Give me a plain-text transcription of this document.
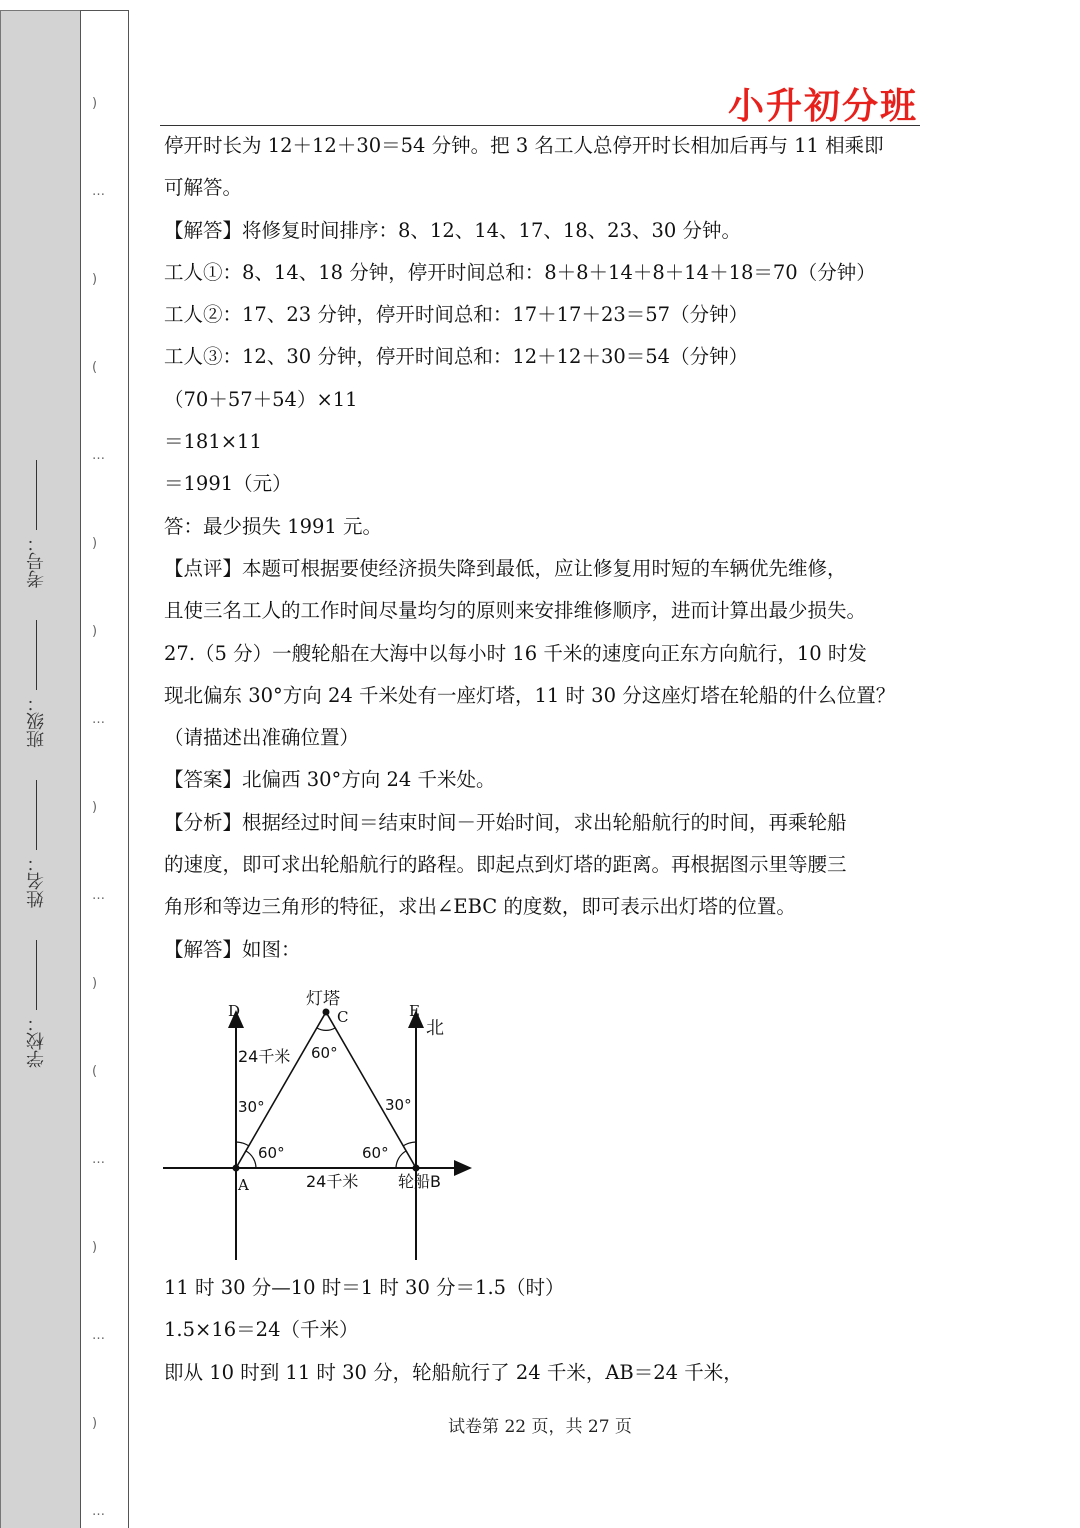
)
…
)
(
…
)
)
…
)
…
)
(
…
)
…
)
…
考号：
班级：
姓名：
学校：
小升初分班
停开时长为 12＋12＋30＝54 分钟。把 3 名工人总停开时长相加后再与 11 相乘即
可解答。
【解答】将修复时间排序：8、12、14、17、18、23、30 分钟。
工人①：8、14、18 分钟，停开时间总和：8＋8＋14＋8＋14＋18＝70（分钟）
工人②：17、23 分钟，停开时间总和：17＋17＋23＝57（分钟）
工人③：12、30 分钟，停开时间总和：12＋12＋30＝54（分钟）
（70＋57＋54）×11
＝181×11
＝1991（元）
答：最少损失 1991 元。
【点评】本题可根据要使经济损失降到最低，应让修复用时短的车辆优先维修，
且使三名工人的工作时间尽量均匀的原则来安排维修顺序，进而计算出最少损失。
27.（5 分）一艘轮船在大海中以每小时 16 千米的速度向正东方向航行，10 时发
现北偏东 30°方向 24 千米处有一座灯塔，11 时 30 分这座灯塔在轮船的什么位置？
（请描述出准确位置）
【答案】北偏西 30°方向 24 千米处。
【分析】根据经过时间＝结束时间－开始时间，求出轮船航行的时间，再乘轮船
的速度，即可求出轮船航行的路程。即起点到灯塔的距离。再根据图示里等腰三
角形和等边三角形的特征，求出∠EBC 的度数，即可表示出灯塔的位置。
【解答】如图：
灯塔
C
D	E
北
24千米 60°
30°	30°
60°	60°
A	24千米 轮船B
11 时 30 分—10 时＝1 时 30 分＝1.5（时）
1.5×16＝24（千米）
即从 10 时到 11 时 30 分，轮船航行了 24 千米，AB＝24 千米，
试卷第 22 页，共 27 页
